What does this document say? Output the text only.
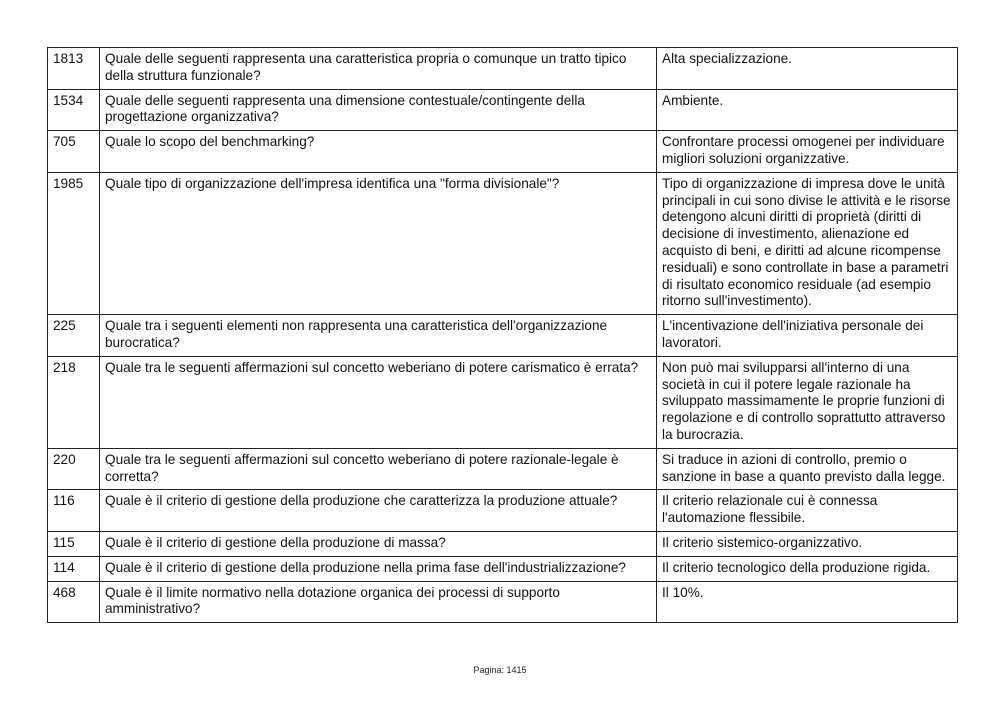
1813	Quale delle seguenti rappresenta una caratteristica propria o comunque un tratto tipico della struttura funzionale?	Alta specializzazione.
1534	Quale delle seguenti rappresenta una dimensione contestuale/contingente della progettazione organizzativa?	Ambiente.
705	Quale lo scopo del benchmarking?	Confrontare processi omogenei per individuare migliori soluzioni organizzative.
1985	Quale tipo di organizzazione dell'impresa identifica una "forma divisionale"?	Tipo di organizzazione di impresa dove le unità principali in cui sono divise le attività e le risorse detengono alcuni diritti di proprietà (diritti di decisione di investimento, alienazione ed acquisto di beni, e diritti ad alcune ricompense residuali) e sono controllate in base a parametri di risultato economico residuale (ad esempio ritorno sull'investimento).
225	Quale tra i seguenti elementi non rappresenta una caratteristica dell'organizzazione burocratica?	L'incentivazione dell'iniziativa personale dei lavoratori.
218	Quale tra le seguenti affermazioni sul concetto weberiano di potere carismatico è errata?	Non può mai svilupparsi all'interno di una società in cui il potere legale razionale ha sviluppato massimamente le proprie funzioni di regolazione e di controllo soprattutto attraverso la burocrazia.
220	Quale tra le seguenti affermazioni sul concetto weberiano di potere razionale-legale è corretta?	Si traduce in azioni di controllo, premio o sanzione in base a quanto previsto dalla legge.
116	Quale è il criterio di gestione della produzione che caratterizza la produzione attuale?	Il criterio relazionale cui è connessa l'automazione flessibile.
115	Quale è il criterio di gestione della produzione di massa?	Il criterio sistemico-organizzativo.
114	Quale è il criterio di gestione della produzione nella prima fase dell'industrializzazione?	Il criterio tecnologico della produzione rigida.
468	Quale è il limite normativo nella dotazione organica dei processi di supporto amministrativo?	Il 10%.
Pagina: 1415
